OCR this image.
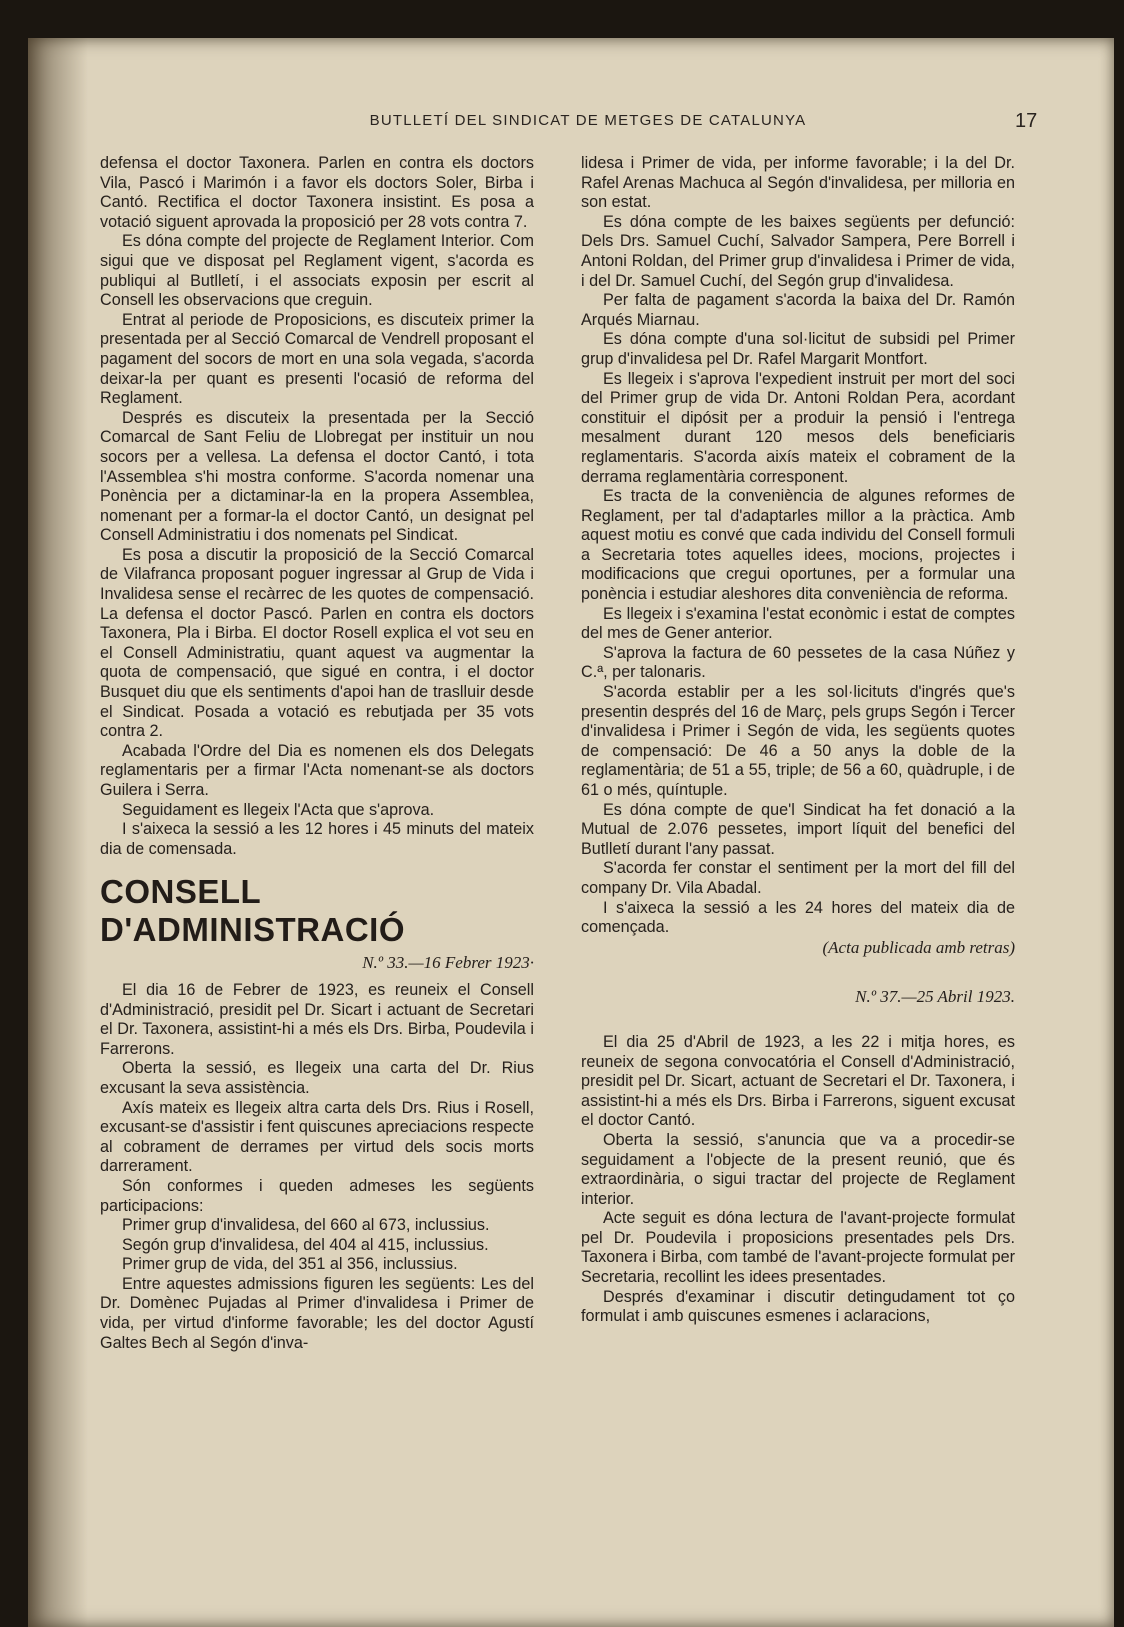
BUTLLETÍ DEL SINDICAT DE METGES DE CATALUNYA	17

defensa el doctor Taxonera. Parlen en contra els doctors Vila, Pascó i Marimón i a favor els doctors Soler, Birba i Cantó. Rectifica el doctor Taxonera insistint. Es posa a votació siguent aprovada la proposició per 28 vots contra 7.

Es dóna compte del projecte de Reglament Interior. Com sigui que ve disposat pel Reglament vigent, s'acorda es publiqui al Butlletí, i el associats exposin per escrit al Consell les observacions que creguin.

Entrat al periode de Proposicions, es discuteix primer la presentada per al Secció Comarcal de Vendrell proposant el pagament del socors de mort en una sola vegada, s'acorda deixar-la per quant es presenti l'ocasió de reforma del Reglament.

Després es discuteix la presentada per la Secció Comarcal de Sant Feliu de Llobregat per instituir un nou socors per a vellesa. La defensa el doctor Cantó, i tota l'Assemblea s'hi mostra conforme. S'acorda nomenar una Ponència per a dictaminar-la en la propera Assemblea, nomenant per a formar-la el doctor Cantó, un designat pel Consell Administratiu i dos nomenats pel Sindicat.

Es posa a discutir la proposició de la Secció Comarcal de Vilafranca proposant poguer ingressar al Grup de Vida i Invalidesa sense el recàrrec de les quotes de compensació. La defensa el doctor Pascó. Parlen en contra els doctors Taxonera, Pla i Birba. El doctor Rosell explica el vot seu en el Consell Administratiu, quant aquest va augmentar la quota de compensació, que sigué en contra, i el doctor Busquet diu que els sentiments d'apoi han de traslluir desde el Sindicat. Posada a votació es rebutjada per 35 vots contra 2.

Acabada l'Ordre del Dia es nomenen els dos Delegats reglamentaris per a firmar l'Acta nomenant-se als doctors Guilera i Serra.

Seguidament es llegeix l'Acta que s'aprova.

I s'aixeca la sessió a les 12 hores i 45 minuts del mateix dia de comensada.

CONSELL D'ADMINISTRACIÓ
N.º 33.—16 Febrer 1923·

El dia 16 de Febrer de 1923, es reuneix el Consell d'Administració, presidit pel Dr. Sicart i actuant de Secretari el Dr. Taxonera, assistint-hi a més els Drs. Birba, Poudevila i Farrerons.

Oberta la sessió, es llegeix una carta del Dr. Rius excusant la seva assistència.

Axís mateix es llegeix altra carta dels Drs. Rius i Rosell, excusant-se d'assistir i fent quiscunes apreciacions respecte al cobrament de derrames per virtud dels socis morts darrerament.

Són conformes i queden admeses les següents participacions:

Primer grup d'invalidesa, del 660 al 673, inclussius.

Segón grup d'invalidesa, del 404 al 415, inclussius.

Primer grup de vida, del 351 al 356, inclussius.

Entre aquestes admissions figuren les següents: Les del Dr. Domènec Pujadas al Primer d'invalidesa i Primer de vida, per virtud d'informe favorable; les del doctor Agustí Galtes Bech al Segón d'inva-

lidesa i Primer de vida, per informe favorable; i la del Dr. Rafel Arenas Machuca al Segón d'invalidesa, per milloria en son estat.

Es dóna compte de les baixes següents per defunció: Dels Drs. Samuel Cuchí, Salvador Sampera, Pere Borrell i Antoni Roldan, del Primer grup d'invalidesa i Primer de vida, i del Dr. Samuel Cuchí, del Segón grup d'invalidesa.

Per falta de pagament s'acorda la baixa del Dr. Ramón Arqués Miarnau.

Es dóna compte d'una sol·licitut de subsidi pel Primer grup d'invalidesa pel Dr. Rafel Margarit Montfort.

Es llegeix i s'aprova l'expedient instruit per mort del soci del Primer grup de vida Dr. Antoni Roldan Pera, acordant constituir el dipósit per a produir la pensió i l'entrega mesalment durant 120 mesos dels beneficiaris reglamentaris. S'acorda aixís mateix el cobrament de la derrama reglamentària corresponent.

Es tracta de la conveniència de algunes reformes de Reglament, per tal d'adaptarles millor a la pràctica. Amb aquest motiu es convé que cada individu del Consell formuli a Secretaria totes aquelles idees, mocions, projectes i modificacions que cregui oportunes, per a formular una ponència i estudiar aleshores dita conveniència de reforma.

Es llegeix i s'examina l'estat econòmic i estat de comptes del mes de Gener anterior.

S'aprova la factura de 60 pessetes de la casa Núñez y C.ª, per talonaris.

S'acorda establir per a les sol·licituts d'ingrés que's presentin després del 16 de Març, pels grups Segón i Tercer d'invalidesa i Primer i Segón de vida, les següents quotes de compensació: De 46 a 50 anys la doble de la reglamentària; de 51 a 55, triple; de 56 a 60, quàdruple, i de 61 o més, quíntuple.

Es dóna compte de que'l Sindicat ha fet donació a la Mutual de 2.076 pessetes, import líquit del benefici del Butlletí durant l'any passat.

S'acorda fer constar el sentiment per la mort del fill del company Dr. Vila Abadal.

I s'aixeca la sessió a les 24 hores del mateix dia de començada.

(Acta publicada amb retras)
N.º 37.—25 Abril 1923.

El dia 25 d'Abril de 1923, a les 22 i mitja hores, es reuneix de segona convocatória el Consell d'Administració, presidit pel Dr. Sicart, actuant de Secretari el Dr. Taxonera, i assistint-hi a més els Drs. Birba i Farrerons, siguent excusat el doctor Cantó.

Oberta la sessió, s'anuncia que va a procedir-se seguidament a l'objecte de la present reunió, que és extraordinària, o sigui tractar del projecte de Reglament interior.

Acte seguit es dóna lectura de l'avant-projecte formulat pel Dr. Poudevila i proposicions presentades pels Drs. Taxonera i Birba, com també de l'avant-projecte formulat per Secretaria, recollint les idees presentades.

Després d'examinar i discutir detingudament tot ço formulat i amb quiscunes esmenes i aclaracions,
